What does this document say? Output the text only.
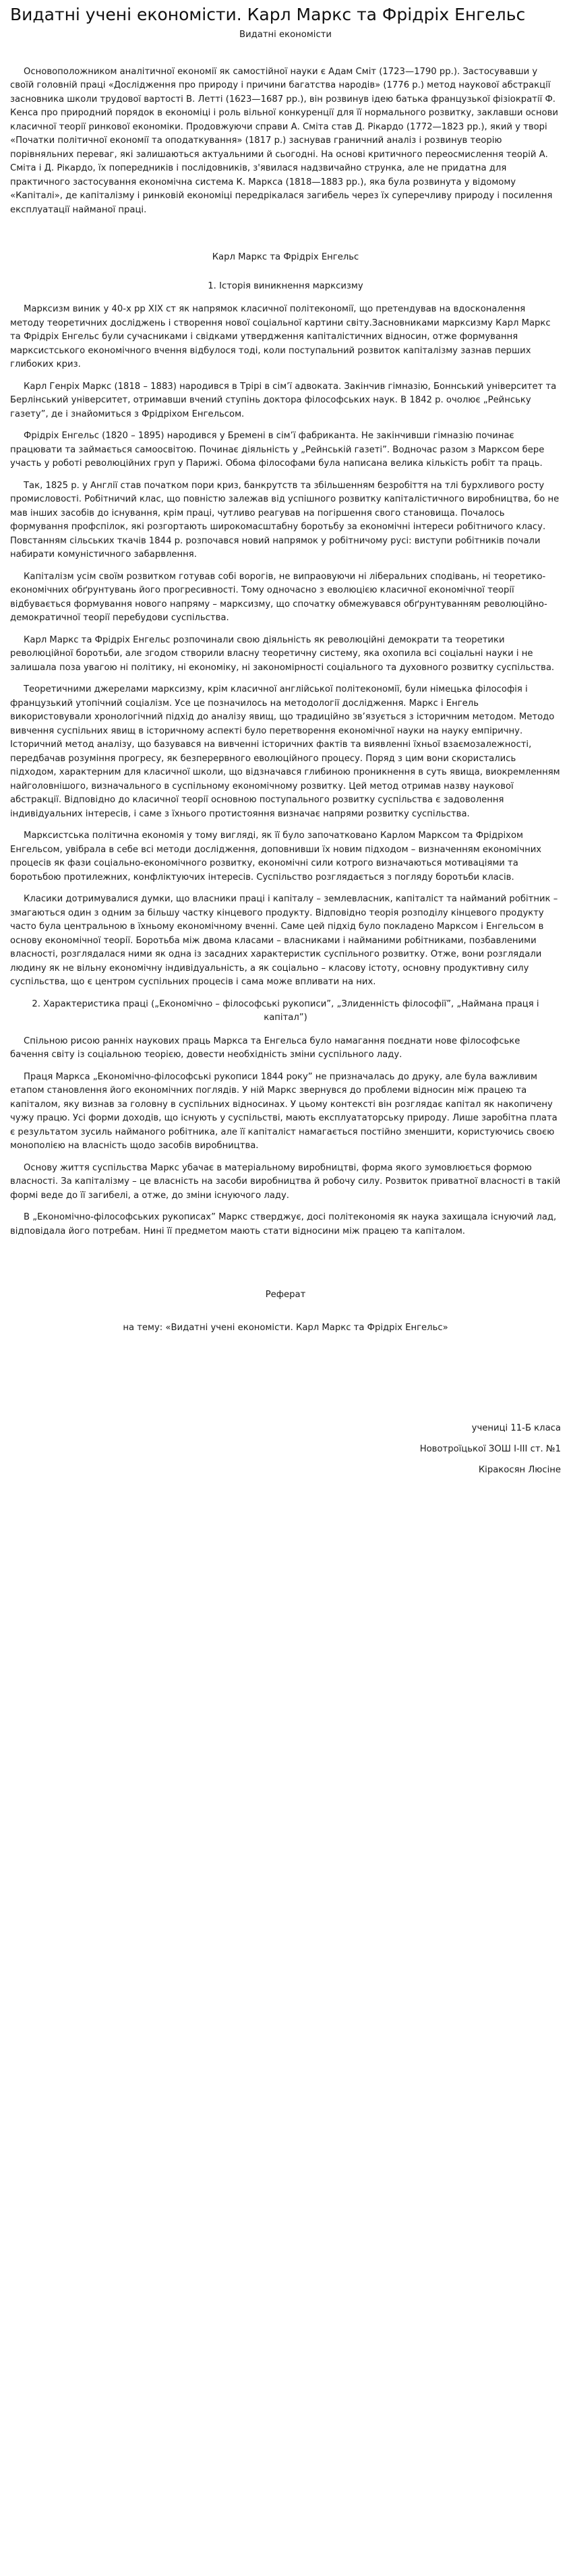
Видатні учені економісти. Карл Маркс та Фрідріх Енгельс
Видатні економісти

Основоположником аналітичної економії як самостійної науки є Адам Сміт (1723—1790 рр.). Застосувавши у своїй головній праці «Дослідження про природу і причини багатства народів» (1776 р.) метод наукової абстракції засновника школи трудової вартості В. Летті (1623—1687 рр.), він розвинув ідею батька французької фізіократії Ф. Кенса про природний порядок в економіці і роль вільної конкуренції для її нормального розвитку, заклавши основи класичної теорії ринкової економіки. Продовжуючи справи А. Сміта став Д. Рікардо (1772—1823 рр.), який у творі «Початки політичної економії та оподаткування» (1817 р.) заснував граничний аналіз і розвинув теорію порівняльних переваг, які залишаються актуальними й сьогодні. На основі критичного переосмислення теорій А. Сміта і Д. Рікардо, їх попередників і послідовників, з'явилася надзвичайно струнка, але не придатна для практичного застосування економічна система К. Маркса (1818—1883 рр.), яка була розвинута у відомому «Капіталі», де капіталізму і ринковій економіці передрікалася загибель через їх суперечливу природу і посилення експлуатації найманої праці.

Карл Маркс та Фрідріх Енгельс
1. Історія виникнення марксизму

Марксизм виник у 40-х рр XIX ст як напрямок класичної політекономії, що претендував на вдосконалення методу теоретичних досліджень і створення нової соціальної картини світу.Засновниками марксизму Карл Маркс та Фрідріх Енгельс були сучасниками і свідками утвердження капіталістичних відносин, отже формування марксистського економічного вчення відбулося тоді, коли поступальний розвиток капіталізму зазнав перших глибоких криз.

Карл Генріх Маркс (1818 – 1883) народився в Трірі в сім’ї адвоката. Закінчив гімназію, Боннський університет та Берлінський університет, отримавши вчений ступінь доктора філософських наук. В 1842 р. очолює „Рейнську газету”, де і знайомиться з Фрідріхом Енгельсом.

Фрідріх Енгельс (1820 – 1895) народився у Бремені в сім’ї фабриканта. Не закінчивши гімназію починає працювати та займається самоосвітою. Починає діяльність у „Рейнській газеті”. Водночас разом з Марксом бере участь у роботі революційних груп у Парижі. Обома філософами була написана велика кількість робіт та праць.

Так, 1825 р. у Англії став початком пори криз, банкрутств та збільшенням безробіття на тлі бурхливого росту промисловості. Робітничий клас, що повністю залежав від успішного розвитку капіталістичного виробництва, бо не мав інших засобів до існування, крім праці, чутливо реагував на погіршення свого становища. Почалось формування профспілок, які розгортають широкомасштабну боротьбу за економічні інтереси робітничого класу. Повстанням сільських ткачів 1844 р. розпочався новий напрямок у робітничому русі: виступи робітників почали набирати комуністичного забарвлення.

Капіталізм усім своїм розвитком готував собі ворогів, не випраовуючи ні ліберальних сподівань, ні теоретико-економічних обґрунтувань його прогресивності. Тому одночасно з еволюцією класичної економічної теорії відбувається формування нового напряму – марксизму, що спочатку обмежувався обґрунтуванням революційно-демократичної теорії перебудови суспільства.

Карл Маркс та Фрідріх Енгельс розпочинали свою діяльність як революційні демократи та теоретики революційної боротьби, але згодом створили власну теоретичну систему, яка охопила всі соціальні науки і не залишала поза увагою ні політику, ні економіку, ні закономірності соціального та духовного розвитку суспільства.

Теоретичними джерелами марксизму, крім класичної англійської політекономії, були німецька філософія і французький утопічний соціалізм. Усе це позначилось на методології дослідження. Маркс і Енгель використовували хронологічний підхід до аналізу явищ, що традиційно зв’язується з історичним методом. Методо вивчення суспільних явищ в історичному аспекті було перетворення економічної науки на науку емпіричну. Історичний метод аналізу, що базувався на вивченні історичних фактів та виявленні їхньої взаємозалежності, передбачав розуміння прогресу, як безперервного еволюційного процесу. Поряд з цим вони скористались підходом, характерним для класичної школи, що відзначався глибиною проникнення в суть явища, виокремленням найголовнішого, визначального в суспільному економічному розвитку. Цей метод отримав назву наукової абстракції. Відповідно до класичної теорії основною поступального розвитку суспільства є задоволення індивідуальних інтересів, і саме з їхнього протистояння визначає напрями розвитку суспільства.

Марксистська політична економія у тому вигляді, як її було започатковано Карлом Марксом та Фрідріхом Енгельсом, увібрала в себе всі методи дослідження, доповнивши їх новим підходом – визначенням економічних процесів як фази соціально-економічного розвитку, економічні сили котрого визначаються мотиваціями та боротьбою протилежних, конфліктуючих інтересів. Суспільство розглядається з погляду боротьби класів.

Класики дотримувалися думки, що власники праці і капіталу – землевласник, капіталіст та найманий робітник – змагаються один з одним за більшу частку кінцевого продукту. Відповідно теорія розподілу кінцевого продукту часто була центральною в їхньому економічному вченні. Саме цей підхід було покладено Марксом і Енгельсом в основу економічної теорії. Боротьба між двома класами – власниками і найманими робітниками, позбавленими власності, розглядалася ними як одна із засадних характеристик суспільного розвитку. Отже, вони розглядали людину як не вільну економічну індивідуальність, а як соціально – класову істоту, основну продуктивну силу суспільства, що є центром суспільних процесів і сама може впливати на них.

2. Характеристика праці („Економічно – філософські рукописи”, „Злиденність філософії”, „Наймана праця і капітал”)

Спільною рисою ранніх наукових праць Маркса та Енгельса було намагання поєднати нове філософське бачення світу із соціальною теорією, довести необхідність зміни суспільного ладу.

Праця Маркса „Економічно-філософські рукописи 1844 року” не призначалась до друку, але була важливим етапом становлення його економічних поглядів. У ній Маркс звернувся до проблеми відносин між працею та капіталом, яку визнав за головну в суспільних відносинах. У цьому контексті він розглядає капітал як накопичену чужу працю. Усі форми доходів, що існують у суспільстві, мають експлуататорську природу. Лише заробітна плата є результатом зусиль найманого робітника, але її капіталіст намагається постійно зменшити, користуючись своєю монополією на власність щодо засобів виробництва.

Основу життя суспільства Маркс убачає в матеріальному виробництві, форма якого зумовлюється формою власності. За капіталізму – це власність на засоби виробництва й робочу силу. Розвиток приватної власності в такій формі веде до її загибелі, а отже, до зміни існуючого ладу.

В „Економічно-філософських рукописах” Маркс стверджує, досі політекономія як наука захищала існуючий лад, відповідала його потребам. Нині її предметом мають стати відносини між працею та капіталом.

Реферат
на тему: «Видатні учені економісти. Карл Маркс та Фрідріх Енгельс»

учениці 11-Б класа

Новотроїцької ЗОШ І-ІІІ ст. №1

Кіракосян Люсіне
